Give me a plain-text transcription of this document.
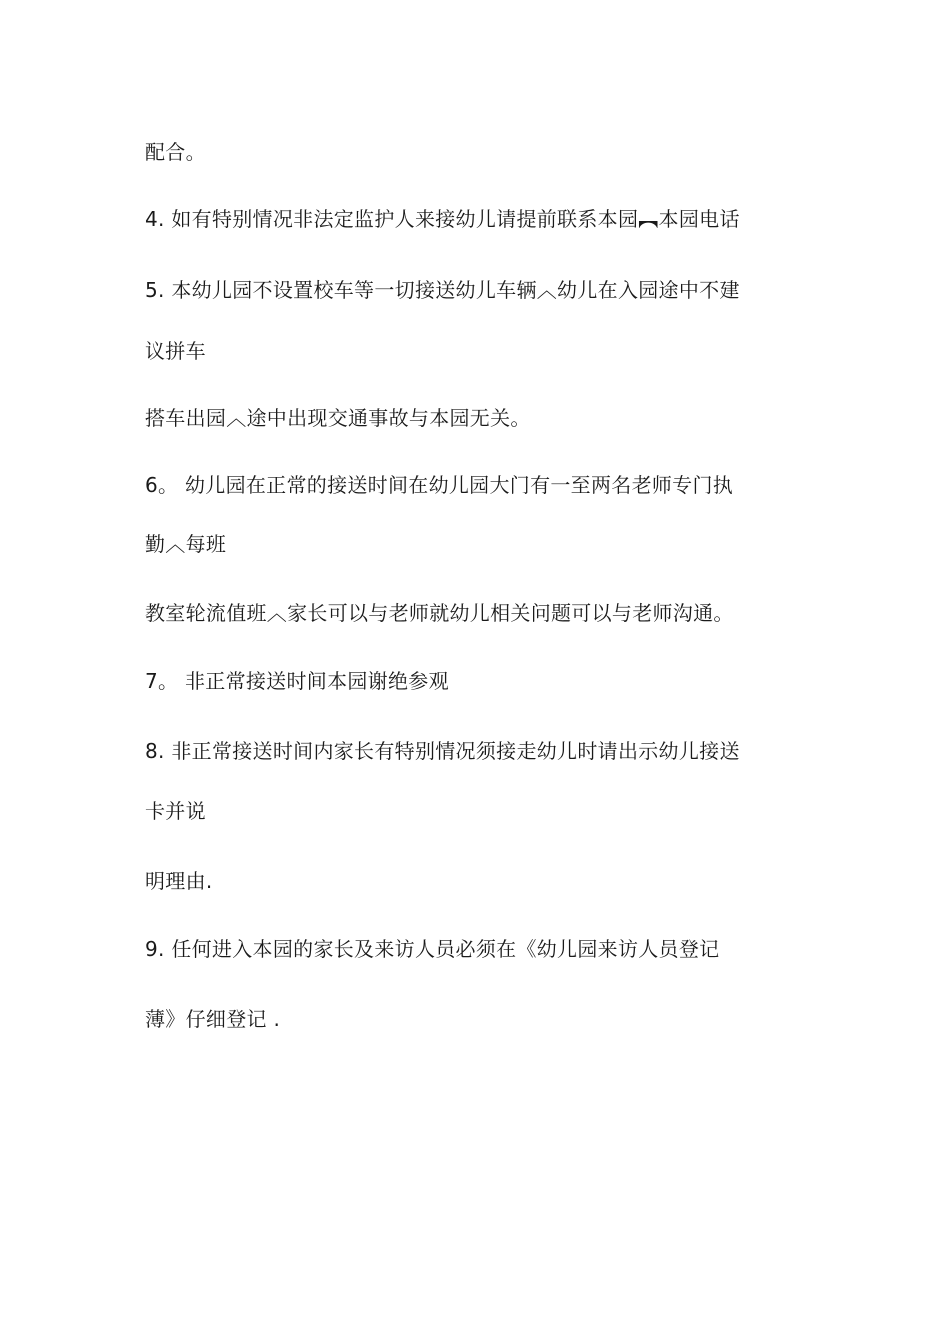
配合。
4. 如有特别情况非法定监护人来接幼儿请提前联系本园︻本园电话
5. 本幼儿园不设置校车等一切接送幼儿车辆︿幼儿在入园途中不建
议拼车
搭车出园︿途中出现交通事故与本园无关。
6。 幼儿园在正常的接送时间在幼儿园大门有一至两名老师专门执
勤︿每班
教室轮流值班︿家长可以与老师就幼儿相关问题可以与老师沟通。
7。 非正常接送时间本园谢绝参观
8. 非正常接送时间内家长有特别情况须接走幼儿时请出示幼儿接送
卡并说
明理由.
9. 任何进入本园的家长及来访人员必须在《幼儿园来访人员登记
薄》仔细登记 .
